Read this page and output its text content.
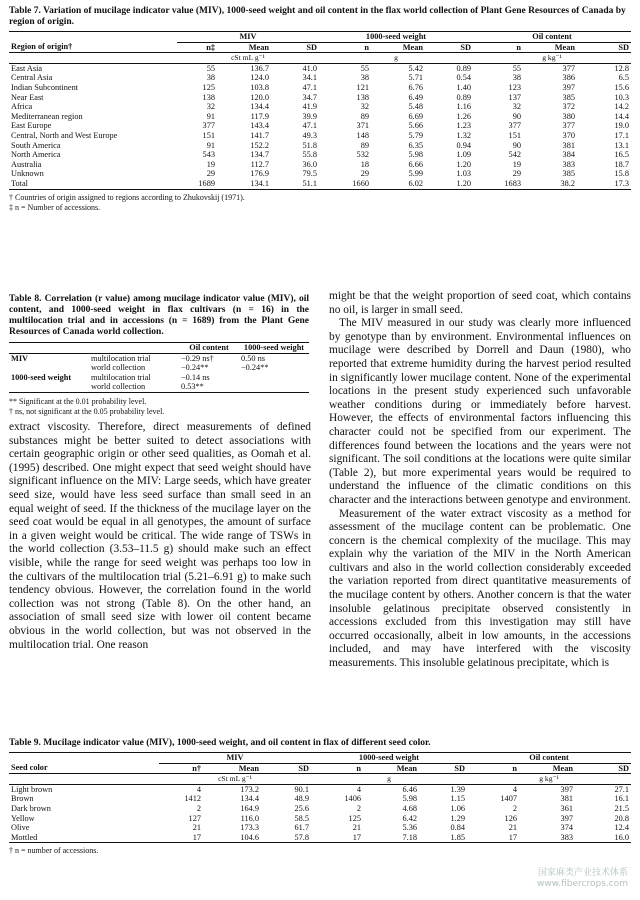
Table 7. Variation of mucilage indicator value (MIV), 1000-seed weight and oil content in the flax world collection of Plant Gene Resources of Canada by region of origin.
	MIV			1000-seed weight			Oil content		
Region of origin†	n‡	Mean	SD	n	Mean	SD	n	Mean	SD
	cSt mL g⁻¹			g			g kg⁻¹		
East Asia	55	136.7	41.0	55	5.42	0.89	55	377	12.8
Central Asia	38	124.0	34.1	38	5.71	0.54	38	386	6.5
Indian Subcontinent	125	103.8	47.1	121	6.76	1.40	123	397	15.6
Near East	138	120.0	34.7	138	6.49	0.89	137	385	10.3
Africa	32	134.4	41.9	32	5.48	1.16	32	372	14.2
Mediterranean region	91	117.9	39.9	89	6.69	1.26	90	380	14.4
East Europe	377	143.4	47.1	371	5.66	1.23	377	377	19.0
Central, North and West Europe	151	141.7	49.3	148	5.79	1.32	151	370	17.1
South America	91	152.2	51.8	89	6.35	0.94	90	381	13.1
North America	543	134.7	55.8	532	5.98	1.09	542	384	16.5
Australia	19	112.7	36.0	18	6.66	1.20	19	383	18.7
Unknown	29	176.9	79.5	29	5.99	1.03	29	385	15.8
Total	1689	134.1	51.1	1660	6.02	1.20	1683	38.2	17.3
† Countries of origin assigned to regions according to Zhukovskij (1971).
‡ n = Number of accessions.
Table 8. Correlation (r value) among mucilage indicator value (MIV), oil content, and 1000-seed weight in flax cultivars (n = 16) in the multilocation trial and in accessions (n = 1689) from the Plant Gene Resources of Canada world collection.
		Oil content	1000-seed weight
MIV	multilocation trial	−0.29 ns†	0.50 ns
	world collection	−0.24**	−0.24**
1000-seed weight	multilocation trial	−0.14 ns	
	world collection	0.53**	
** Significant at the 0.01 probability level.
† ns, not significant at the 0.05 probability level.

extract viscosity. Therefore, direct measurements of defined substances might be better suited to detect associations with certain geographic origin or other seed qualities, as Oomah et al. (1995) described. One might expect that seed weight should have significant influence on the MIV: Large seeds, which have greater seed size, would have less seed surface than small seed in an equal weight of seed. If the thickness of the mucilage layer on the seed coat would be equal in all genotypes, the amount of surface in a given weight would be critical. The wide range of TSWs in the world collection (3.53–11.5 g) should make such an effect visible, while the range for seed weight was perhaps too low in the cultivars of the multilocation trial (5.21–6.91 g) to make such tendency obvious. However, the correlation found in the world collection was not strong (Table 8). On the other hand, an association of small seed size with lower oil content became obvious in the world collection, but was not observed in the multilocation trial. One reason

might be that the weight proportion of seed coat, which contains no oil, is larger in small seed.

The MIV measured in our study was clearly more influenced by genotype than by environment. Environmental influences on mucilage were described by Dorrell and Daun (1980), who reported that extreme humidity during the harvest period resulted in significantly lower mucilage content. None of the experimental locations in the present study experienced such unfavorable weather conditions during or immediately before harvest. However, the effects of environmental factors influencing this character could not be specified from our experiment. The differences found between the locations and the years were not significant. The soil conditions at the locations were quite similar (Table 2), but more experimental years would be required to understand the influence of the climatic conditions on this character and the interactions between genotype and environment.

Measurement of the water extract viscosity as a method for assessment of the mucilage content can be problematic. One concern is the chemical complexity of the mucilage. This may explain why the variation of the MIV in the North American cultivars and also in the world collection considerably exceeded the variation reported from direct quantitative measurements of the mucilage content by others. Another concern is that the water insoluble gelatinous precipitate observed consistently in accessions excluded from this investigation may still have occurred occasionally, albeit in low amounts, in the accessions included, and may have interfered with the viscosity measurements. This insoluble gelatinous precipitate, which is

Table 9. Mucilage indicator value (MIV), 1000-seed weight, and oil content in flax of different seed color.
	MIV			1000-seed weight			Oil content		
Seed color	n†	Mean	SD	n	Mean	SD	n	Mean	SD
	cSt mL g⁻¹			g			g kg⁻¹		
Light brown	4	173.2	90.1	4	6.46	1.39	4	397	27.1
Brown	1412	134.4	48.9	1406	5.98	1.15	1407	381	16.1
Dark brown	2	164.9	25.6	2	4.68	1.06	2	361	21.5
Yellow	127	116.0	58.5	125	6.42	1.29	126	397	20.8
Olive	21	173.3	61.7	21	5.36	0.84	21	374	12.4
Mottled	17	104.6	57.8	17	7.18	1.85	17	383	16.0
† n = number of accessions.
国家麻类产业技术体系
www.fibercrops.com
